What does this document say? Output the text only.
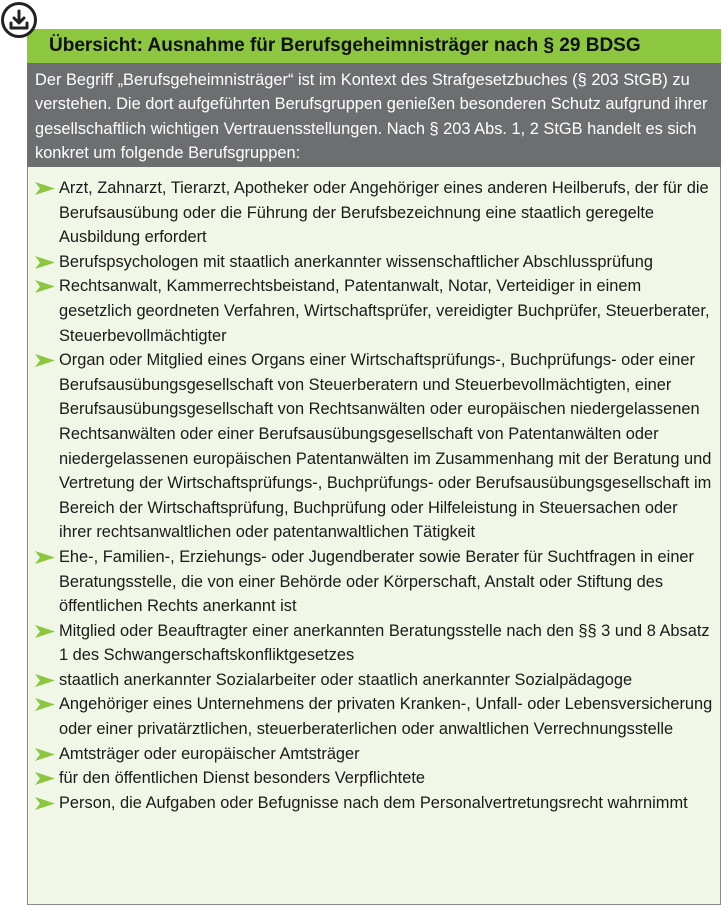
Übersicht: Ausnahme für Berufsgeheimnisträger nach § 29 BDSG
Der Begriff „Berufsgeheimnisträger“ ist im Kontext des Strafgesetzbuches (§ 203 StGB) zu verstehen. Die dort aufgeführten Berufsgruppen genießen besonderen Schutz aufgrund ihrer gesellschaftlich wichtigen Vertrauensstellungen. Nach § 203 Abs. 1, 2 StGB handelt es sich konkret um folgende Berufsgruppen:
Arzt, Zahnarzt, Tierarzt, Apotheker oder Angehöriger eines anderen Heilberufs, der für die Berufsausübung oder die Führung der Berufsbezeichnung eine staatlich geregelte Ausbildung erfordert
Berufspsychologen mit staatlich anerkannter wissenschaftlicher Abschlussprüfung
Rechtsanwalt, Kammerrechtsbeistand, Patentanwalt, Notar, Verteidiger in einem gesetzlich geordneten Verfahren, Wirtschaftsprüfer, vereidigter Buchprüfer, Steuerberater, Steuerbevollmächtigter
Organ oder Mitglied eines Organs einer Wirtschaftsprüfungs-, Buchprüfungs- oder einer Berufsausübungsgesellschaft von Steuerberatern und Steuerbevollmächtigten, einer Berufsausübungsgesellschaft von Rechtsanwälten oder europäischen niedergelassenen Rechtsanwälten oder einer Berufsausübungsgesellschaft von Patentanwälten oder niedergelassenen europäischen Patentanwälten im Zusammenhang mit der Beratung und Vertretung der Wirtschaftsprüfungs-, Buchprüfungs- oder Berufsausübungsgesellschaft im Bereich der Wirtschaftsprüfung, Buchprüfung oder Hilfeleistung in Steuersachen oder ihrer rechtsanwaltlichen oder patentanwaltlichen Tätigkeit
Ehe-, Familien-, Erziehungs- oder Jugendberater sowie Berater für Suchtfragen in einer Beratungsstelle, die von einer Behörde oder Körperschaft, Anstalt oder Stiftung des öffentlichen Rechts anerkannt ist
Mitglied oder Beauftragter einer anerkannten Beratungsstelle nach den §§ 3 und 8 Absatz 1 des Schwangerschaftskonfliktgesetzes
staatlich anerkannter Sozialarbeiter oder staatlich anerkannter Sozialpädagoge
Angehöriger eines Unternehmens der privaten Kranken-, Unfall- oder Lebensversicherung oder einer privatärztlichen, steuerberaterlichen oder anwaltlichen Verrechnungsstelle
Amtsträger oder europäischer Amtsträger
für den öffentlichen Dienst besonders Verpflichtete
Person, die Aufgaben oder Befugnisse nach dem Personalvertretungsrecht wahrnimmt
